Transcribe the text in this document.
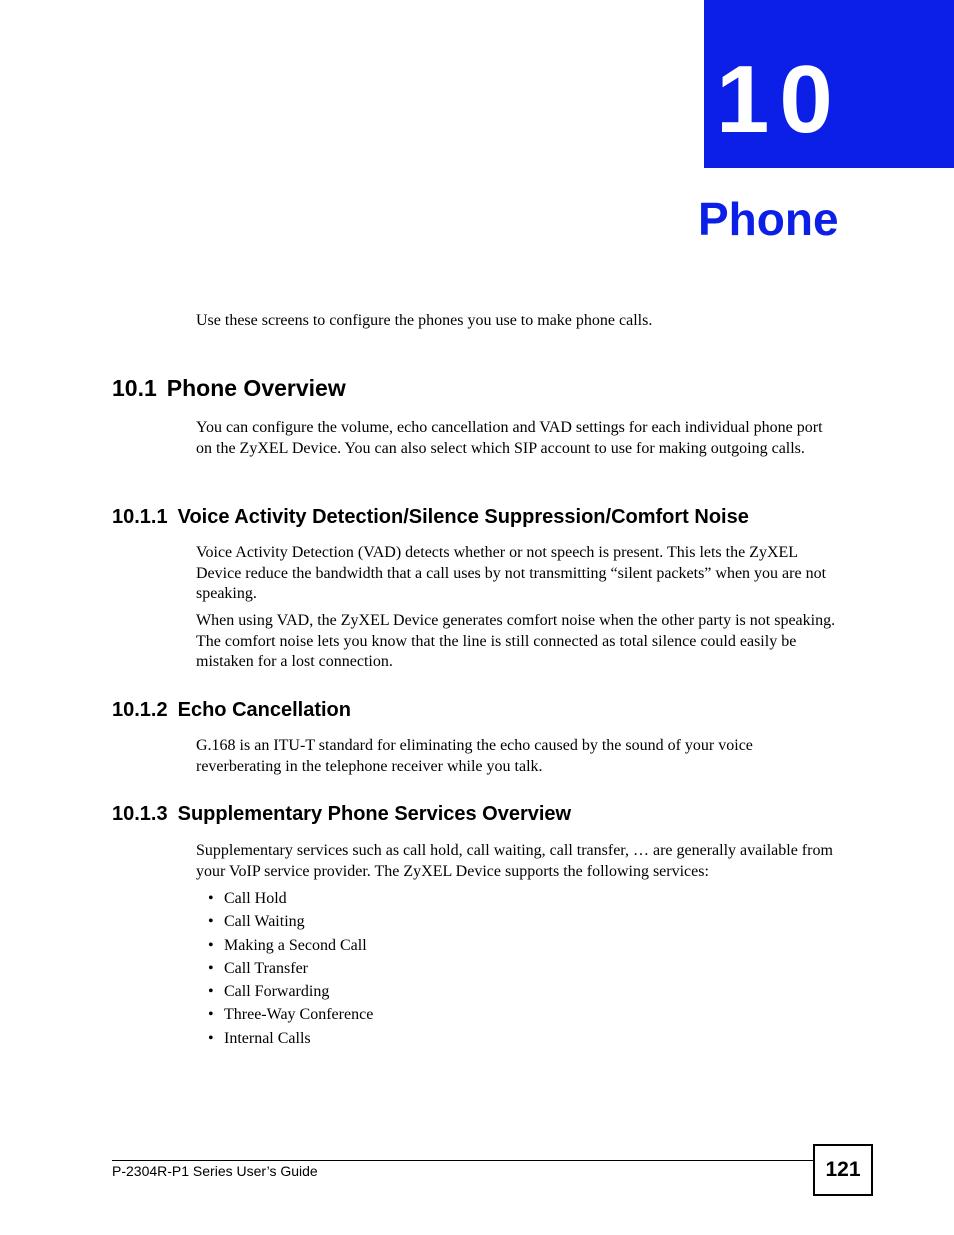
10
Phone

Use these screens to configure the phones you use to make phone calls.

10.1 Phone Overview

You can configure the volume, echo cancellation and VAD settings for each individual phone port on the ZyXEL Device. You can also select which SIP account to use for making outgoing calls.

10.1.1 Voice Activity Detection/Silence Suppression/Comfort Noise

Voice Activity Detection (VAD) detects whether or not speech is present. This lets the ZyXEL Device reduce the bandwidth that a call uses by not transmitting “silent packets” when you are not speaking.

When using VAD, the ZyXEL Device generates comfort noise when the other party is not speaking. The comfort noise lets you know that the line is still connected as total silence could easily be mistaken for a lost connection.

10.1.2 Echo Cancellation

G.168 is an ITU-T standard for eliminating the echo caused by the sound of your voice reverberating in the telephone receiver while you talk.

10.1.3 Supplementary Phone Services Overview

Supplementary services such as call hold, call waiting, call transfer, … are generally available from your VoIP service provider. The ZyXEL Device supports the following services:

• Call Hold
• Call Waiting
• Making a Second Call
• Call Transfer
• Call Forwarding
• Three-Way Conference
• Internal Calls
P-2304R-P1 Series User’s Guide	121
